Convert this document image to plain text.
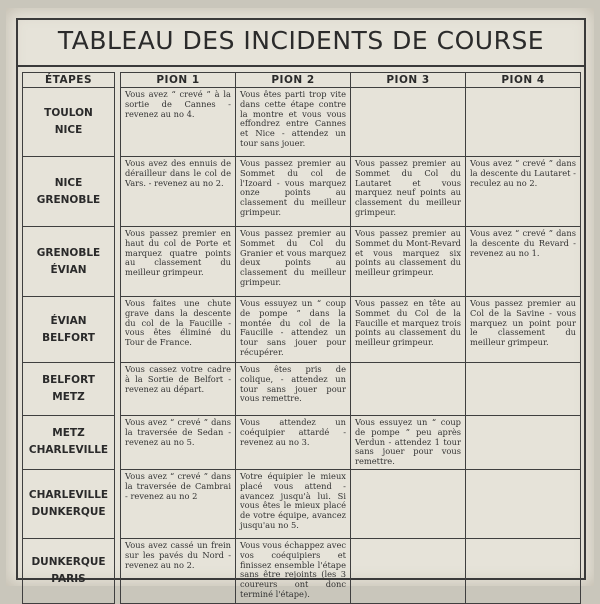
TABLEAU DES INCIDENTS DE COURSE
ÉTAPES		PION 1	PION 2	PION 3	PION 4

TOULON
NICE		Vous avez “ crevé ” à la sortie de Cannes - revenez au no 4.	Vous êtes parti trop vite dans cette étape contre la montre et vous vous effondrez entre Cannes et Nice - attendez un tour sans jouer.		

NICE
GRENOBLE		Vous avez des ennuis de dérailleur dans le col de Vars. - revenez au no 2.	Vous passez premier au Sommet du col de l'Izoard - vous marquez onze points au classement du meilleur grimpeur.	Vous passez premier au Sommet du Col du Lautaret et vous marquez neuf points au classement du meilleur grimpeur.	Vous avez “ crevé ” dans la descente du Lautaret - reculez au no 2.

GRENOBLE
ÉVIAN		Vous passez premier en haut du col de Porte et marquez quatre points au classement du meilleur grimpeur.	Vous passez premier au Sommet du Col du Granier et vous marquez deux points au classement du meilleur grimpeur.	Vous passez premier au Sommet du Mont-Revard et vous marquez six points au classement du meilleur grimpeur.	Vous avez “ crevé ” dans la descente du Revard - revenez au no 1.

ÉVIAN
BELFORT		Vous faites une chute grave dans la descente du col de la Faucille - vous êtes éliminé du Tour de France.	Vous essuyez un “ coup de pompe ” dans la montée du col de la Faucille - attendez un tour sans jouer pour récupérer.	Vous passez en tête au Sommet du Col de la Faucille et marquez trois points au classement du meilleur grimpeur.	Vous passez premier au Col de la Savine - vous marquez un point pour le classement du meilleur grimpeur.

BELFORT
METZ		Vous cassez votre cadre à la Sortie de Belfort - revenez au départ.	Vous êtes pris de colique, - attendez un tour sans jouer pour vous remettre.		

METZ
CHARLEVILLE		Vous avez “ crevé ” dans la traversée de Sedan - revenez au no 5.	Vous attendez un coéquipier attardé - revenez au no 3.	Vous essuyez un “ coup de pompe ” peu après Verdun - attendez 1 tour sans jouer pour vous remettre.	

CHARLEVILLE
DUNKERQUE		Vous avez “ crevé ” dans la traversée de Cambrai - revenez au no 2	Votre équipier le mieux placé vous attend - avancez jusqu'à lui. Si vous êtes le mieux placé de votre équipe, avancez jusqu'au no 5.		

DUNKERQUE
PARIS		Vous avez cassé un frein sur les pavés du Nord - revenez au no 2.	Vous vous échappez avec vos coéquipiers et finissez ensemble l'étape sans être rejoints (les 3 coureurs ont donc terminé l'étape).		
